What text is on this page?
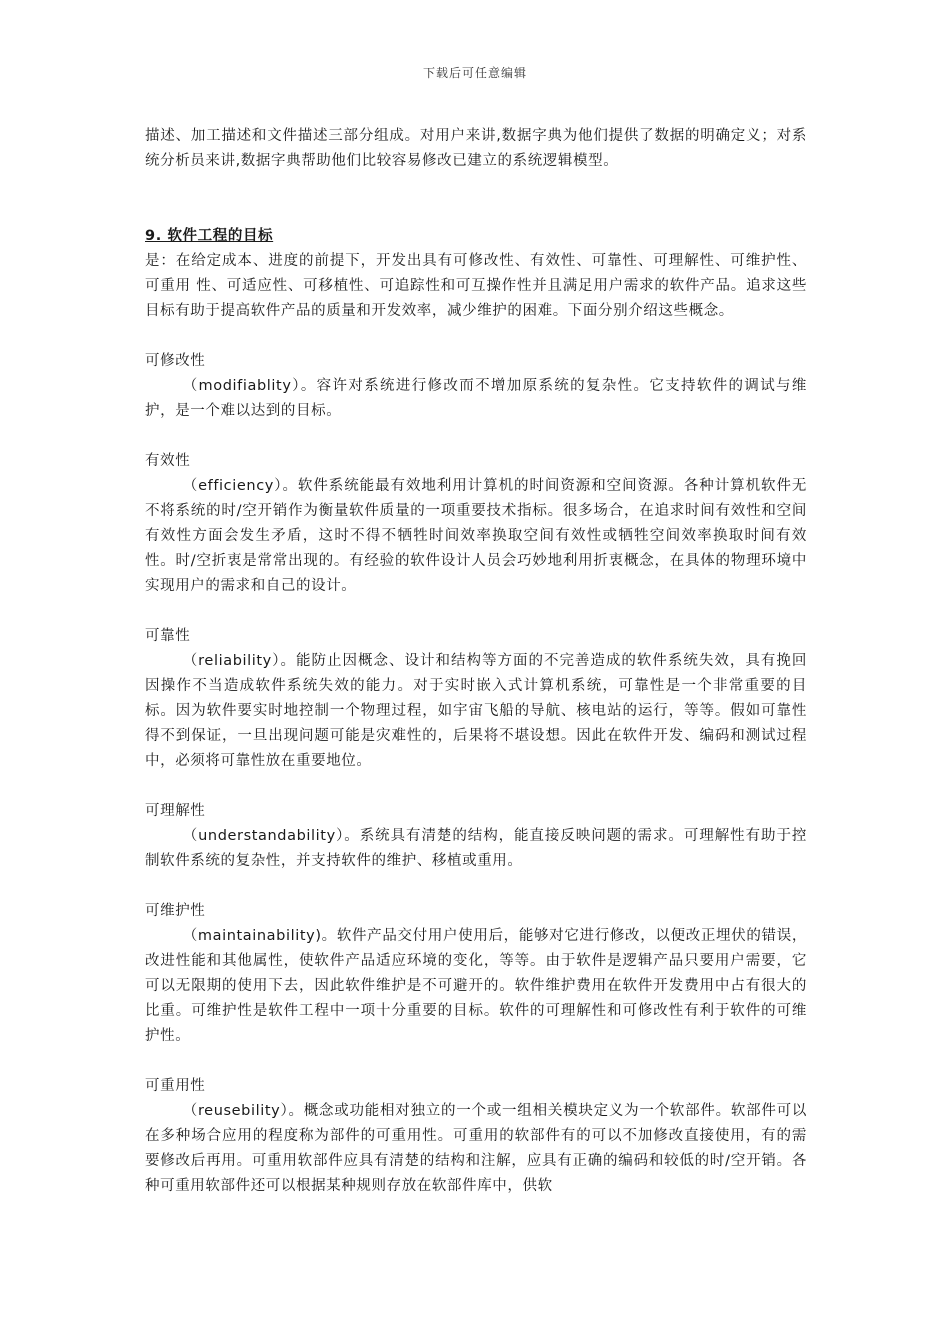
下载后可任意编辑

描述、加工描述和文件描述三部分组成。对用户来讲,数据字典为他们提供了数据的明确定义；对系统分析员来讲,数据字典帮助他们比较容易修改已建立的系统逻辑模型。

9. 软件工程的目标

是：在给定成本、进度的前提下，开发出具有可修改性、有效性、可靠性、可理解性、可维护性、可重用 性、可适应性、可移植性、可追踪性和可互操作性并且满足用户需求的软件产品。追求这些目标有助于提高软件产品的质量和开发效率，减少维护的困难。下面分别介绍这些概念。

可修改性

（modifiablity）。容许对系统进行修改而不增加原系统的复杂性。它支持软件的调试与维护，是一个难以达到的目标。

有效性

（efficiency）。软件系统能最有效地利用计算机的时间资源和空间资源。各种计算机软件无不将系统的时/空开销作为衡量软件质量的一项重要技术指标。很多场合，在追求时间有效性和空间有效性方面会发生矛盾，这时不得不牺牲时间效率换取空间有效性或牺牲空间效率换取时间有效性。时/空折衷是常常出现的。有经验的软件设计人员会巧妙地利用折衷概念，在具体的物理环境中实现用户的需求和自己的设计。

可靠性

（reliability）。能防止因概念、设计和结构等方面的不完善造成的软件系统失效，具有挽回因操作不当造成软件系统失效的能力。对于实时嵌入式计算机系统，可靠性是一个非常重要的目标。因为软件要实时地控制一个物理过程，如宇宙飞船的导航、核电站的运行，等等。假如可靠性得不到保证，一旦出现问题可能是灾难性的，后果将不堪设想。因此在软件开发、编码和测试过程中，必须将可靠性放在重要地位。

可理解性

（understandability）。系统具有清楚的结构，能直接反映问题的需求。可理解性有助于控制软件系统的复杂性，并支持软件的维护、移植或重用。

可维护性

（maintainability)。软件产品交付用户使用后，能够对它进行修改，以便改正埋伏的错误，改进性能和其他属性，使软件产品适应环境的变化，等等。由于软件是逻辑产品只要用户需要，它可以无限期的使用下去，因此软件维护是不可避开的。软件维护费用在软件开发费用中占有很大的比重。可维护性是软件工程中一项十分重要的目标。软件的可理解性和可修改性有利于软件的可维护性。

可重用性

（reusebility）。概念或功能相对独立的一个或一组相关模块定义为一个软部件。软部件可以在多种场合应用的程度称为部件的可重用性。可重用的软部件有的可以不加修改直接使用，有的需要修改后再用。可重用软部件应具有清楚的结构和注解，应具有正确的编码和较低的时/空开销。各种可重用软部件还可以根据某种规则存放在软部件库中，供软
